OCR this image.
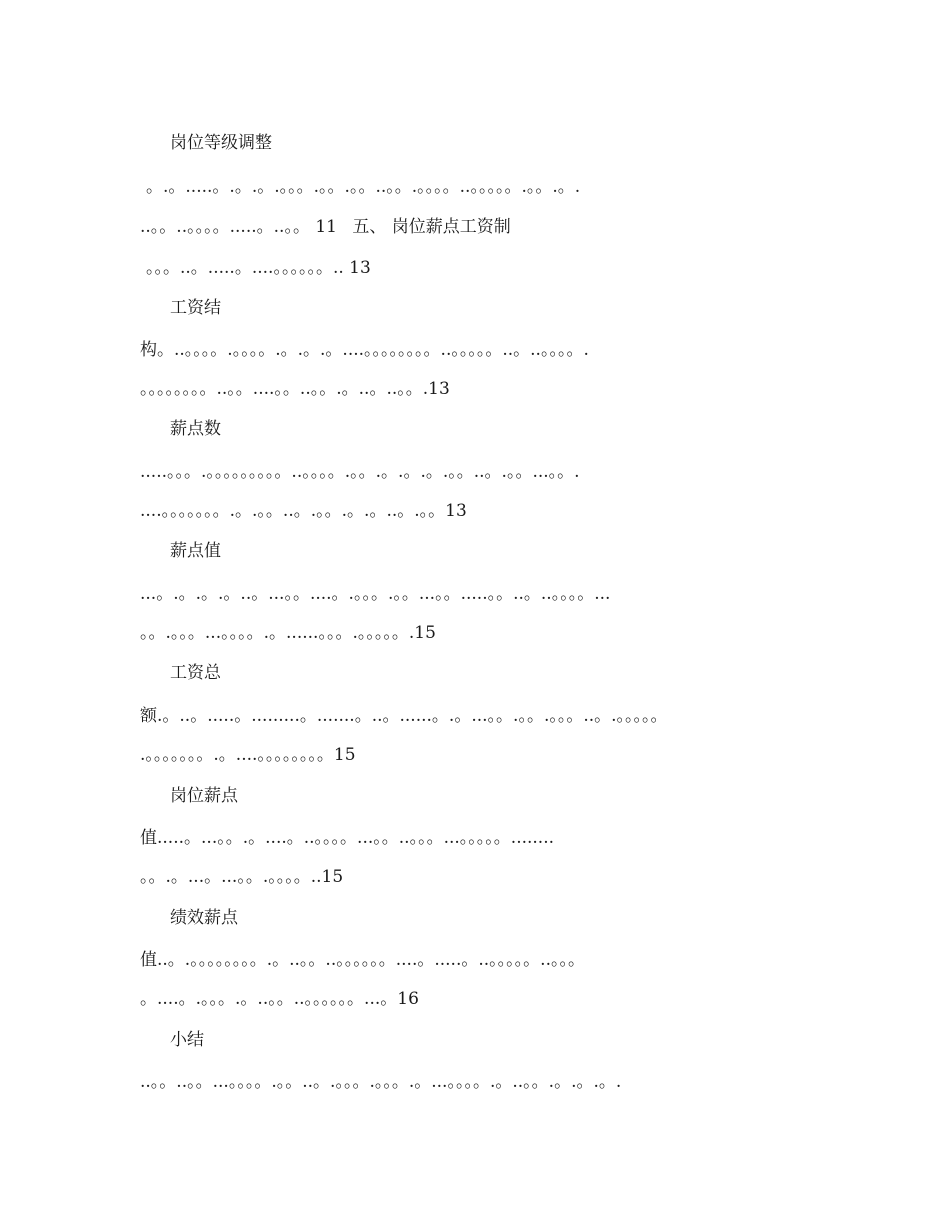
岗位等级调整
。.。.....。.。.。.。。。.。。.。。..。。.。。。。..。。。。。.。。.。.
..。。..。。。。.....。..。。 11 五、 岗位薪点工资制
。。。..。.....。....。。。。。。.. 13
工资结
构。..。。。。.。。。。.。.。.。....。。。。。。。。..。。。。。..。..。。。。.
。。。。。。。。..。。....。。..。。.。..。..。。.13
薪点数
.....。。。.。。。。。。。。。..。。。。.。。.。.。.。.。。..。.。。...。。.
....。。。。。。。.。.。。..。.。。.。.。..。.。。13
薪点值
...。.。.。.。..。...。。....。.。。。.。。...。。.....。。..。..。。。。...
。。.。。。...。。。。.。......。。。.。。。。。.15
工资总
额.。..。.....。.........。.......。..。......。.。...。。.。。.。。。..。.。。。。。
.。。。。。。。.。....。。。。。。。。15
岗位薪点
值.....。...。。.。....。..。。。。...。。..。。。...。。。。。........
。。.。...。...。。.。。。。..15
绩效薪点
值..。.。。。。。。。。.。..。。..。。。。。。....。.....。..。。。。。..。。。
。....。.。。。.。..。。..。。。。。。...。16
小结
..。。..。。...。。。。.。。..。.。。。.。。。.。...。。。。.。..。。.。.。.。.
